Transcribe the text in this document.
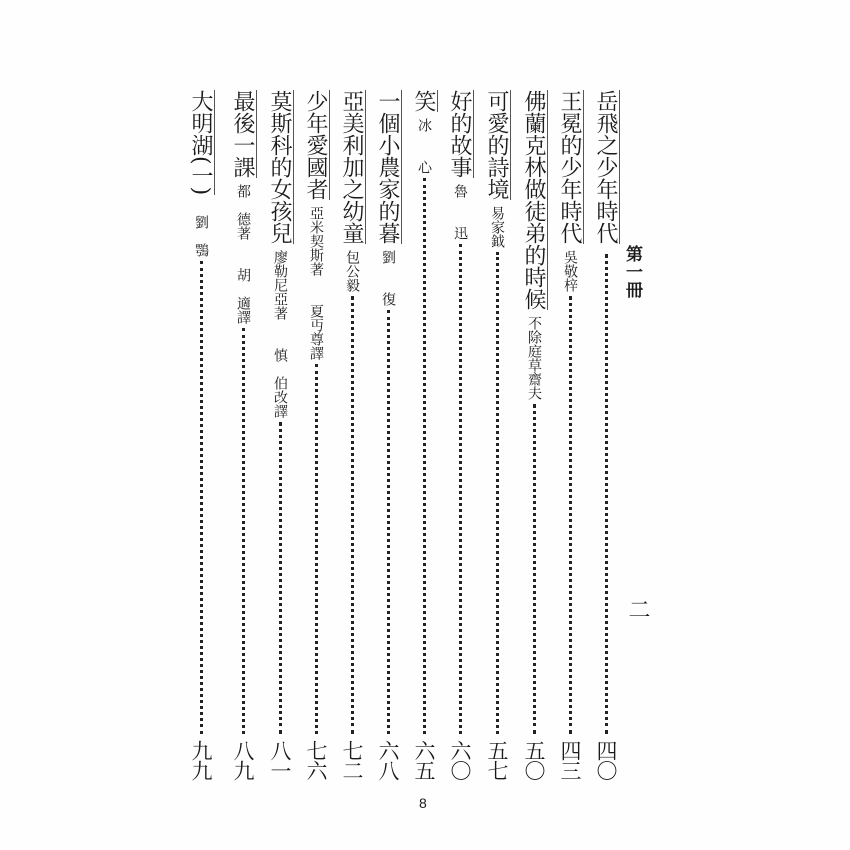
第一冊
二
岳飛之少年時代
四〇
王冕的少年時代
吳敬梓
四三
佛蘭克林做徒弟的時候
不除庭草齋夫
五〇
可愛的詩境
易家鉞
五七
好的故事
魯　　迅
六〇
笑
冰　　心
六五
一個小農家的暮
劉　　復
六八
亞美利加之幼童
包公毅
七二
少年愛國者
亞米契斯著　　夏丏尊譯
七六
莫斯科的女孩兒
廖勒尼亞著　　慎　伯改譯
八一
最後一課
都　德著　　胡　適譯
八九
大明湖(一)
　劉　鶚
九九
8
